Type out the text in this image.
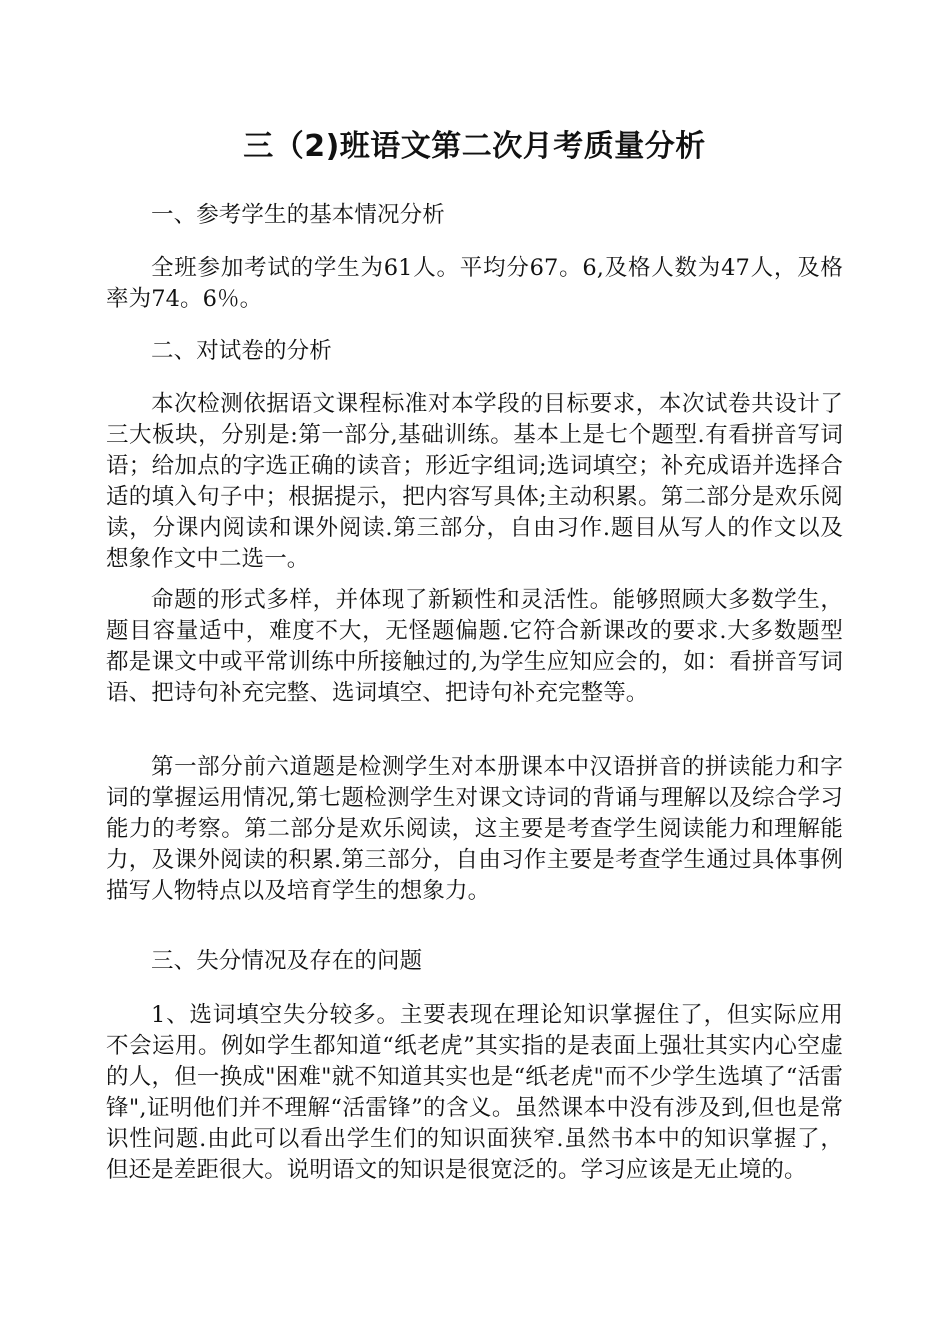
三（2)班语文第二次月考质量分析

一、参考学生的基本情况分析

全班参加考试的学生为61人。平均分67。6,及格人数为47人，及格率为74。6％。

二、对试卷的分析

本次检测依据语文课程标准对本学段的目标要求，本次试卷共设计了三大板块，分别是:第一部分,基础训练。基本上是七个题型.有看拼音写词语；给加点的字选正确的读音；形近字组词;选词填空；补充成语并选择合适的填入句子中；根据提示，把内容写具体;主动积累。第二部分是欢乐阅读，分课内阅读和课外阅读.第三部分，自由习作.题目从写人的作文以及想象作文中二选一。

命题的形式多样，并体现了新颖性和灵活性。能够照顾大多数学生，题目容量适中，难度不大，无怪题偏题.它符合新课改的要求.大多数题型都是课文中或平常训练中所接触过的,为学生应知应会的，如：看拼音写词语、把诗句补充完整、选词填空、把诗句补充完整等。

第一部分前六道题是检测学生对本册课本中汉语拼音的拼读能力和字词的掌握运用情况,第七题检测学生对课文诗词的背诵与理解以及综合学习能力的考察。第二部分是欢乐阅读，这主要是考查学生阅读能力和理解能力，及课外阅读的积累.第三部分，自由习作主要是考查学生通过具体事例描写人物特点以及培育学生的想象力。

三、失分情况及存在的问题

1、选词填空失分较多。主要表现在理论知识掌握住了，但实际应用不会运用。例如学生都知道“纸老虎”其实指的是表面上强壮其实内心空虚的人，但一换成"困难"就不知道其实也是“纸老虎"而不少学生选填了“活雷锋",证明他们并不理解“活雷锋”的含义。虽然课本中没有涉及到,但也是常识性问题.由此可以看出学生们的知识面狭窄.虽然书本中的知识掌握了，但还是差距很大。说明语文的知识是很宽泛的。学习应该是无止境的。
